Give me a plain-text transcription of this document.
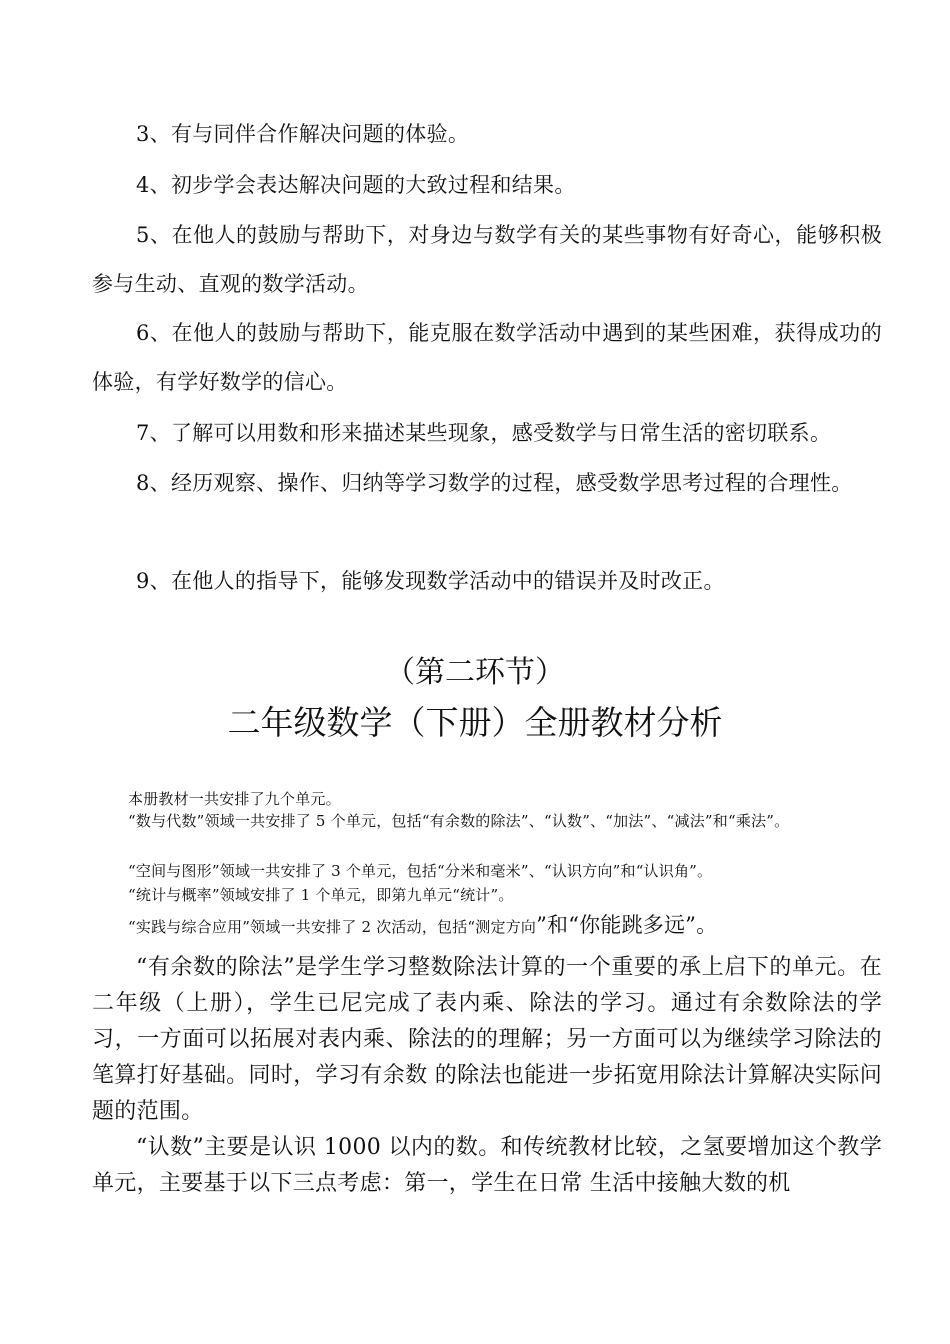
3、有与同伴合作解决问题的体验。

4、初步学会表达解决问题的大致过程和结果。

5、在他人的鼓励与帮助下，对身边与数学有关的某些事物有好奇心，能够积极参与生动、直观的数学活动。

6、在他人的鼓励与帮助下，能克服在数学活动中遇到的某些困难，获得成功的体验，有学好数学的信心。

7、了解可以用数和形来描述某些现象，感受数学与日常生活的密切联系。

8、经历观察、操作、归纳等学习数学的过程，感受数学思考过程的合理性。

9、在他人的指导下，能够发现数学活动中的错误并及时改正。

（第二环节）
二年级数学（下册）全册教材分析

本册教材一共安排了九个单元。

“数与代数”领域一共安排了 5 个单元，包括“有余数的除法”、“认数”、“加法”、“减法”和“乘法”。

“空间与图形”领域一共安排了 3 个单元，包括“分米和毫米”、“认识方向”和“认识角”。

“统计与概率”领域安排了 1 个单元，即第九单元“统计”。

“实践与综合应用”领域一共安排了 2 次活动，包括“测定方向”和“你能跳多远”。

“有余数的除法”是学生学习整数除法计算的一个重要的承上启下的单元。在二年级（上册），学生已尼完成了表内乘、除法的学习。通过有余数除法的学习，一方面可以拓展对表内乘、除法的的理解；另一方面可以为继续学习除法的笔算打好基础。同时，学习有余数 的除法也能进一步拓宽用除法计算解决实际问题的范围。

“认数”主要是认识 1000 以内的数。和传统教材比较，之氢要增加这个教学单元，主要基于以下三点考虑：第一，学生在日常 生活中接触大数的机
